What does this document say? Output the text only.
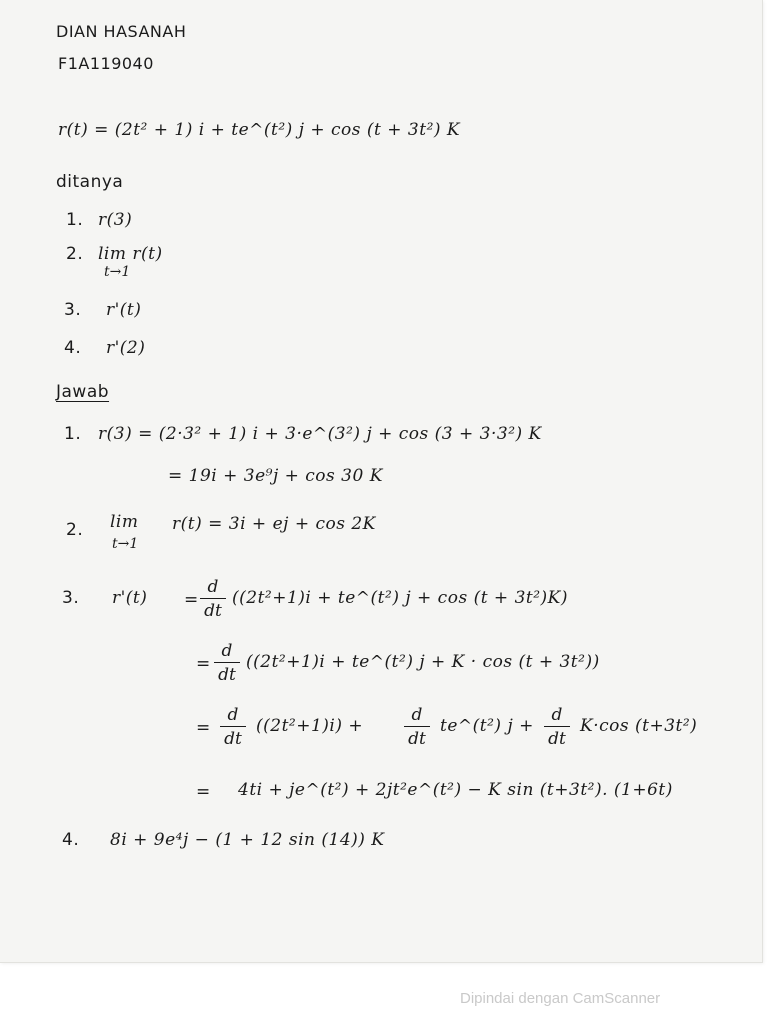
DIAN HASANAH
F1A119040
r(t) = (2t² + 1) i + te^(t²) j + cos (t + 3t²) K
ditanya
1. r(3)
2. lim r(t)
t→1
3. r'(t)
4. r'(2)
Jawab
1. r(3) = (2·3² + 1) i + 3·e^(3²) j + cos (3 + 3·3²) K
= 19i + 3e⁹j + cos 30 K
2. lim
t→1
r(t) = 3i + ej + cos 2K
3. $r'(t) = \frac{d}{dt} ((2t^2+1)i$ + te^(t²) j + cos (t + 3t²)K)
= $\frac{d}{dt} ((2t^2+1)i$ + te^(t²) j + K · cos (t + 3t²))
= $\frac{d}{dt} ((2t^2+1)i) + \frac{d}{dt}$ te^(t²) $j + \frac{d}{dt} K\cdot\cos$ (t+3t²)
= 4ti + je^(t²) + 2jt²e^(t²) − K sin (t+3t²). (1+6t)
4. 8i + 9e⁴j − (1 + 12 sin (14)) K
Dipindai dengan CamScanner
